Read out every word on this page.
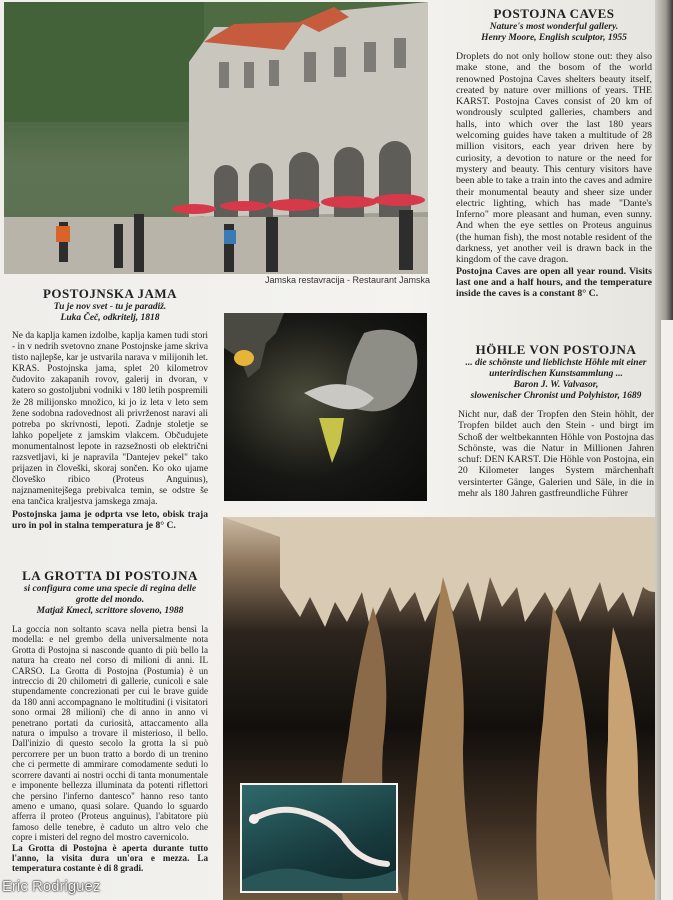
Jamska restavracija - Restaurant Jamska
POSTOJNA CAVES
Nature's most wonderful gallery.
Henry Moore, English sculptor, 1955
Droplets do not only hollow stone out: they also make stone, and the bosom of the world renowned Postojna Caves shelters beauty itself, created by nature over millions of years. THE KARST. Postojna Caves consist of 20 km of wondrously sculpted galleries, chambers and halls, into which over the last 180 years welcoming guides have taken a multitude of 28 million visitors, each year driven here by curiosity, a devotion to nature or the need for mystery and beauty. This century visitors have been able to take a train into the caves and admire their monumental beauty and sheer size under electric lighting, which has made "Dante's Inferno" more pleasant and human, even sunny. And when the eye settles on Proteus anguinus (the human fish), the most notable resident of the darkness, yet another veil is drawn back in the kingdom of the cave dragon.
Postojna Caves are open all year round. Visits last one and a half hours, and the temperature inside the caves is a constant 8° C.
POSTOJNSKA JAMA
Tu je nov svet - tu je paradiž.
Luka Čeč, odkritelj, 1818
Ne da kaplja kamen izdolbe, kaplja kamen tudi stori - in v nedrih svetovno znane Postojnske jame skriva tisto najlepše, kar je ustvarila narava v milijonih let. KRAS. Postojnska jama, splet 20 kilometrov čudovito zakapanih rovov, galerij in dvoran, v katero so gostoljubni vodniki v 180 letih pospremili že 28 milijonsko množico, ki jo iz leta v leto sem žene sodobna radovednost ali privrženost naravi ali potreba po skrivnosti, lepoti. Zadnje stoletje se lahko popeljete z jamskim vlakcem. Občudujete monumentalnost lepote in razsežnosti ob električni razsvetljavi, ki je napravila "Dantejev pekel" tako prijazen in človeški, skoraj sončen. Ko oko ujame človeško ribico (Proteus Anguinus), najznamenitejšega prebivalca temin, se odstre še ena tančica kraljestva jamskega zmaja.
Postojnska jama je odprta vse leto, obisk traja uro in pol in stalna temperatura je 8° C.
HÖHLE VON POSTOJNA
... die schönste und lieblichste Höhle mit einer unterirdischen Kunstsammlung ...
Baron J. W. Valvasor,
slowenischer Chronist und Polyhistor, 1689
Nicht nur, daß der Tropfen den Stein höhlt, der Tropfen bildet auch den Stein - und birgt im Schoß der weltbekannten Höhle von Postojna das Schönste, was die Natur in Millionen Jahren schuf: DEN KARST. Die Höhle von Postojna, ein 20 Kilometer langes System märchenhaft versinterter Gänge, Galerien und Säle, in die in mehr als 180 Jahren gastfreundliche Führer
LA GROTTA DI POSTOJNA
si configura come una specie di regina delle grotte del mondo.
Matjaž Kmecl, scrittore sloveno, 1988
La goccia non soltanto scava nella pietra bensì la modella: e nel grembo della universalmente nota Grotta di Postojna si nasconde quanto di più bello la natura ha creato nel corso di milioni di anni. IL CARSO. La Grotta di Postojna (Postumia) è un intreccio di 20 chilometri di gallerie, cunicoli e sale stupendamente concrezionati per cui le brave guide da 180 anni accompagnano le moltitudini (i visitatori sono ormai 28 milioni) che di anno in anno vi penetrano portati da curiosità, attaccamento alla natura o impulso a trovare il misterioso, il bello. Dall'inizio di questo secolo la grotta la si può percorrere per un buon tratto a bordo di un trenino che ci permette di ammirare comodamente seduti lo scorrere davanti ai nostri occhi di tanta monumentale e imponente bellezza illuminata da potenti riflettori che persino l'inferno dantesco" hanno reso tanto ameno e umano, quasi solare. Quando lo sguardo afferra il proteo (Proteus anguinus), l'abitatore più famoso delle tenebre, è caduto un altro velo che copre i misteri del regno del mostro cavernicolo.
La Grotta di Postojna è aperta durante tutto l'anno, la visita dura un'ora e mezza. La temperatura costante è di 8 gradi.
Eric Rodriguez
